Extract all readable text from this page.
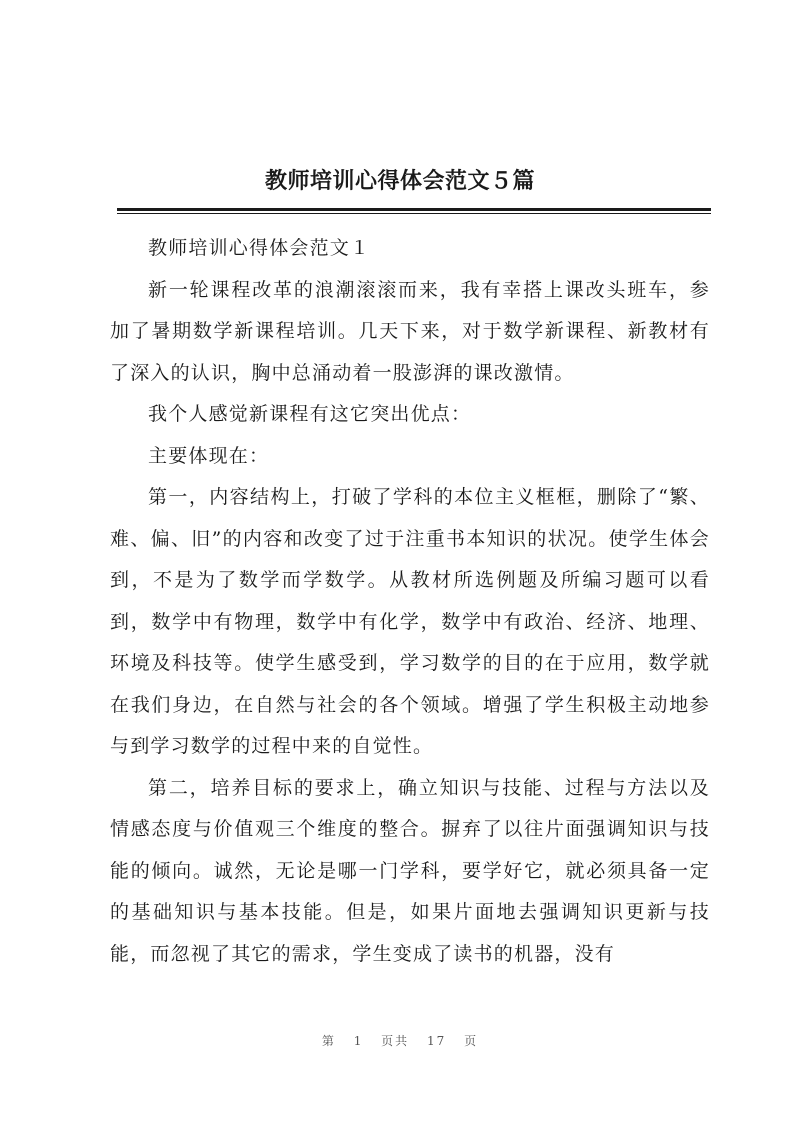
教师培训心得体会范文５篇

教师培训心得体会范文１

新一轮课程改革的浪潮滚滚而来，我有幸搭上课改头班车，参加了暑期数学新课程培训。几天下来，对于数学新课程、新教材有了深入的认识，胸中总涌动着一股澎湃的课改激情。

我个人感觉新课程有这它突出优点：

主要体现在：

第一，内容结构上，打破了学科的本位主义框框，删除了“繁、难、偏、旧”的内容和改变了过于注重书本知识的状况。使学生体会到，不是为了数学而学数学。从教材所选例题及所编习题可以看到，数学中有物理，数学中有化学，数学中有政治、经济、地理、环境及科技等。使学生感受到，学习数学的目的在于应用，数学就在我们身边，在自然与社会的各个领域。增强了学生积极主动地参与到学习数学的过程中来的自觉性。

第二，培养目标的要求上，确立知识与技能、过程与方法以及情感态度与价值观三个维度的整合。摒弃了以往片面强调知识与技能的倾向。诚然，无论是哪一门学科，要学好它，就必须具备一定的基础知识与基本技能。但是，如果片面地去强调知识更新与技能，而忽视了其它的需求，学生变成了读书的机器，没有

第 1 页共 17 页
